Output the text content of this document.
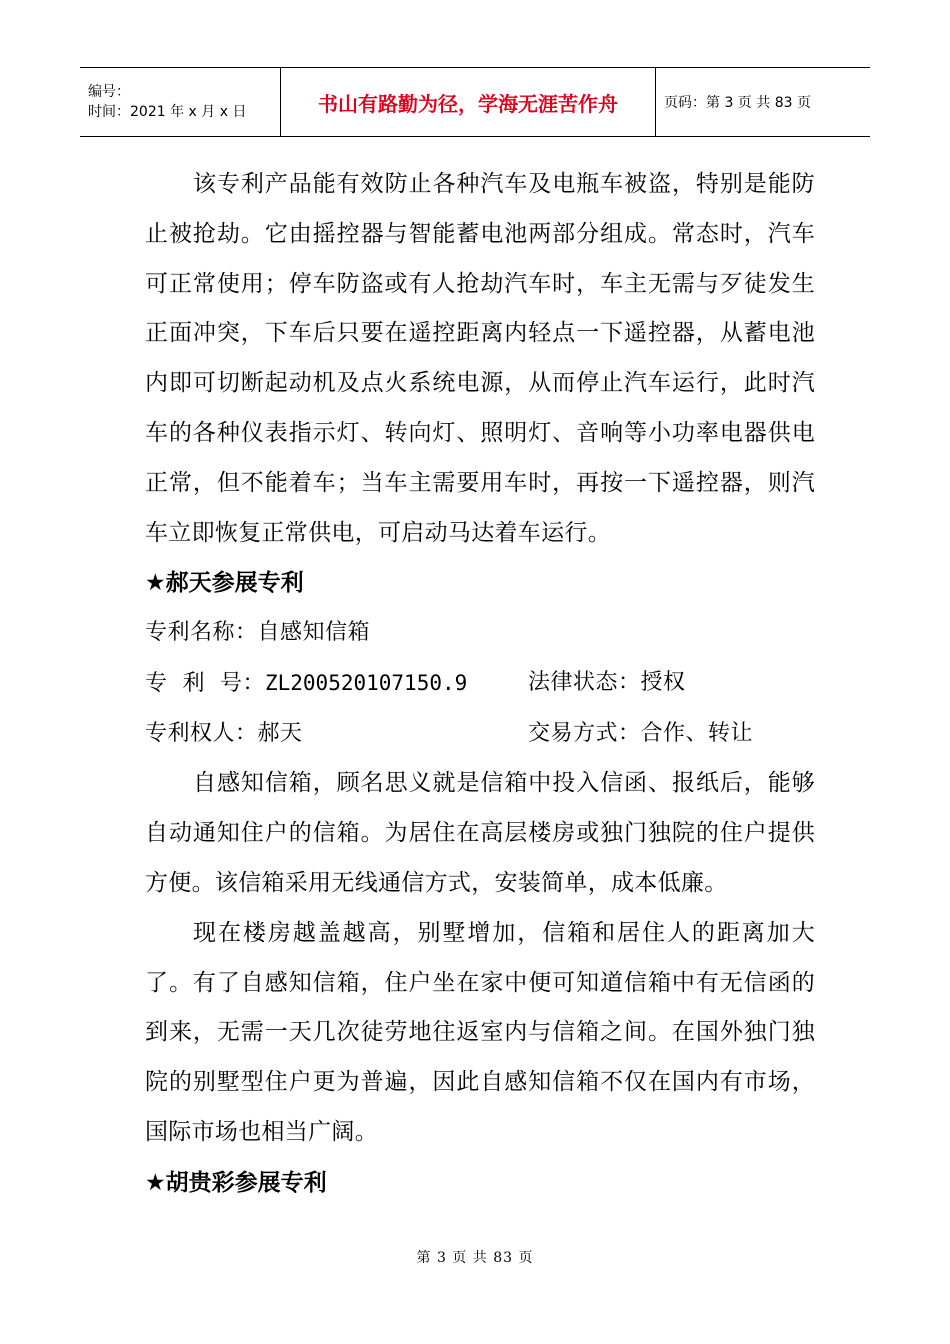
编号：
时间：2021 年 x 月 x 日	书山有路勤为径，学海无涯苦作舟	页码：第 3 页 共 83 页

该专利产品能有效防止各种汽车及电瓶车被盗，特别是能防止被抢劫。它由摇控器与智能蓄电池两部分组成。常态时，汽车可正常使用；停车防盗或有人抢劫汽车时，车主无需与歹徒发生正面冲突，下车后只要在遥控距离内轻点一下遥控器，从蓄电池内即可切断起动机及点火系统电源，从而停止汽车运行，此时汽车的各种仪表指示灯、转向灯、照明灯、音响等小功率电器供电正常，但不能着车；当车主需要用车时，再按一下遥控器，则汽车立即恢复正常供电，可启动马达着车运行。

★郝天参展专利

专利名称：自感知信箱
专  利  号：ZL200520107150.9	法律状态：授权
专利权人：郝天	交易方式：合作、转让

自感知信箱，顾名思义就是信箱中投入信函、报纸后，能够自动通知住户的信箱。为居住在高层楼房或独门独院的住户提供方便。该信箱采用无线通信方式，安装简单，成本低廉。

现在楼房越盖越高，别墅增加，信箱和居住人的距离加大了。有了自感知信箱，住户坐在家中便可知道信箱中有无信函的到来，无需一天几次徒劳地往返室内与信箱之间。在国外独门独院的别墅型住户更为普遍，因此自感知信箱不仅在国内有市场，国际市场也相当广阔。

★胡贵彩参展专利

第 3 页 共 83 页
